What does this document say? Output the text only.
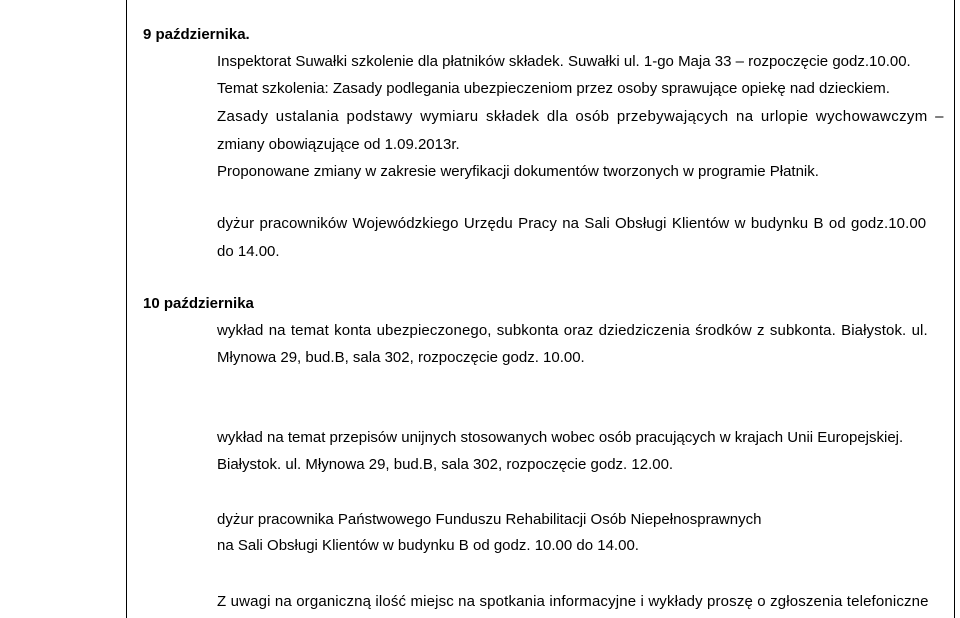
9 października.
Inspektorat Suwałki szkolenie dla płatników składek. Suwałki ul. 1-go Maja 33 – rozpoczęcie godz.10.00.
Temat szkolenia: Zasady podlegania ubezpieczeniom przez osoby sprawujące opiekę nad dzieckiem.
Zasady ustalania podstawy wymiaru składek dla osób przebywających na urlopie wychowawczym –
zmiany obowiązujące od 1.09.2013r.
Proponowane zmiany w zakresie weryfikacji dokumentów tworzonych w programie Płatnik.
dyżur pracowników Wojewódzkiego Urzędu Pracy na Sali Obsługi Klientów w budynku B od godz.10.00
do 14.00.
10 października
wykład na temat konta ubezpieczonego, subkonta oraz dziedziczenia środków z subkonta. Białystok. ul.
Młynowa 29, bud.B, sala 302, rozpoczęcie godz. 10.00.
wykład na temat przepisów unijnych stosowanych wobec osób pracujących w krajach Unii Europejskiej.
Białystok. ul. Młynowa 29, bud.B, sala 302, rozpoczęcie godz. 12.00.
dyżur pracownika Państwowego Funduszu Rehabilitacji Osób Niepełnosprawnych
na Sali Obsługi Klientów w budynku B od godz. 10.00 do 14.00.
Z uwagi na organiczną ilość miejsc na spotkania informacyjne i wykłady proszę o zgłoszenia telefoniczne
